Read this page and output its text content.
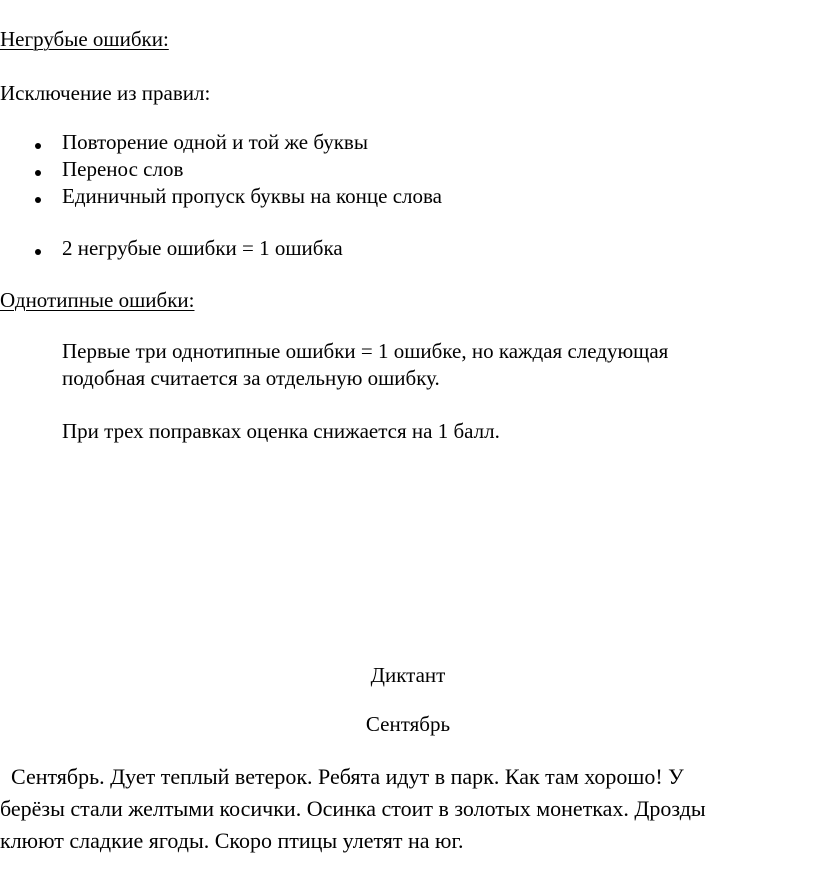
Негрубые ошибки:
Исключение из правил:
Повторение одной и той же буквы
Перенос слов
Единичный пропуск буквы на конце слова
2 негрубые ошибки = 1 ошибка
Однотипные ошибки:
Первые три однотипные ошибки = 1 ошибке, но каждая следующая
подобная считается за отдельную ошибку.
При трех поправках оценка снижается на 1 балл.
Диктант
Сентябрь
Сентябрь. Дует теплый ветерок. Ребята идут в парк. Как там хорошо! У
берёзы стали желтыми косички. Осинка стоит в золотых монетках. Дрозды
клюют сладкие ягоды. Скоро птицы улетят на юг.
